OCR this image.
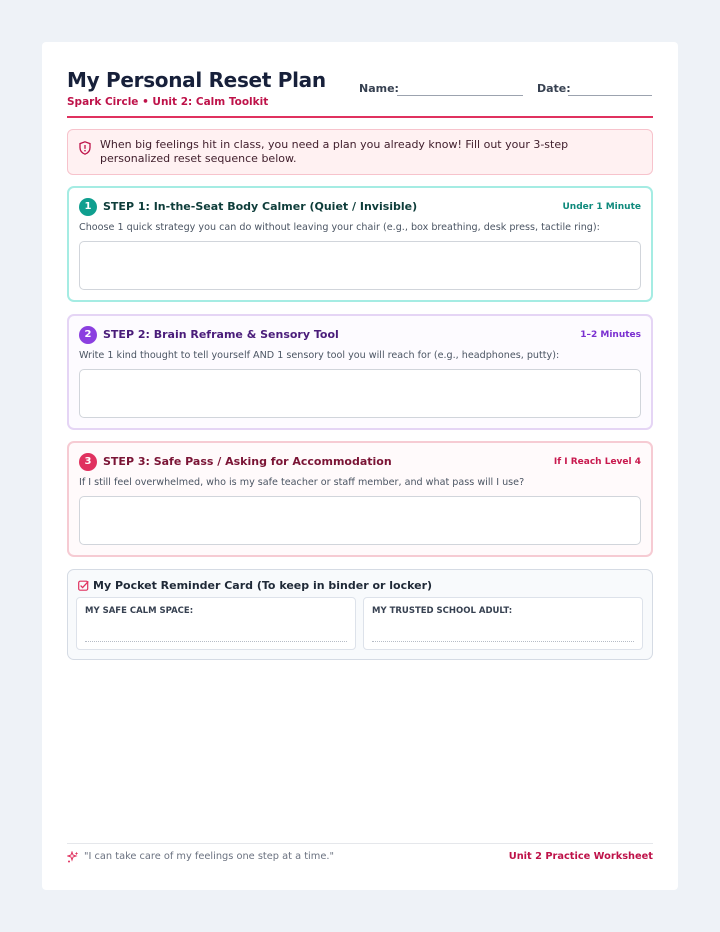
My Personal Reset Plan
Spark Circle • Unit 2: Calm Toolkit
Name:	Date:
When big feelings hit in class, you need a plan you already know! Fill out your 3-step personalized reset sequence below.
1	STEP 1: In-the-Seat Body Calmer (Quiet / Invisible)	Under 1 Minute
Choose 1 quick strategy you can do without leaving your chair (e.g., box breathing, desk press, tactile ring):
2	STEP 2: Brain Reframe & Sensory Tool	1–2 Minutes
Write 1 kind thought to tell yourself AND 1 sensory tool you will reach for (e.g., headphones, putty):
3	STEP 3: Safe Pass / Asking for Accommodation	If I Reach Level 4
If I still feel overwhelmed, who is my safe teacher or staff member, and what pass will I use?
My Pocket Reminder Card (To keep in binder or locker)
MY SAFE CALM SPACE:	MY TRUSTED SCHOOL ADULT:
"I can take care of my feelings one step at a time."	Unit 2 Practice Worksheet
